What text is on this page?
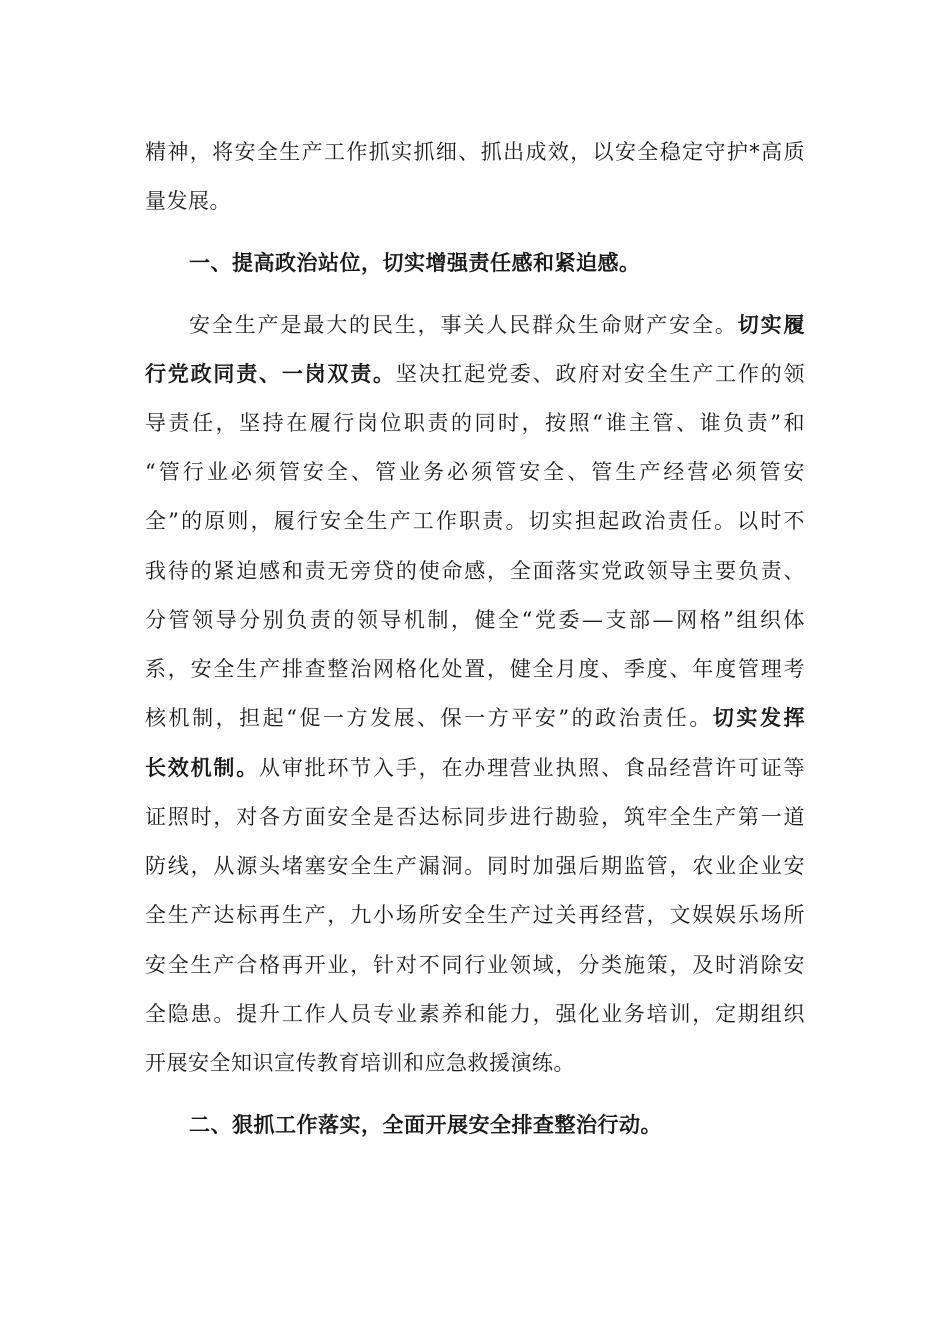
精神，将安全生产工作抓实抓细、抓出成效，以安全稳定守护*高质
量发展。
一、提高政治站位，切实增强责任感和紧迫感。
安全生产是最大的民生，事关人民群众生命财产安全。切实履
行党政同责、一岗双责。坚决扛起党委、政府对安全生产工作的领
导责任，坚持在履行岗位职责的同时，按照“谁主管、谁负责”和
“管行业必须管安全、管业务必须管安全、管生产经营必须管安
全”的原则，履行安全生产工作职责。切实担起政治责任。以时不
我待的紧迫感和责无旁贷的使命感，全面落实党政领导主要负责、
分管领导分别负责的领导机制，健全“党委—支部—网格”组织体
系，安全生产排查整治网格化处置，健全月度、季度、年度管理考
核机制，担起“促一方发展、保一方平安”的政治责任。切实发挥
长效机制。从审批环节入手，在办理营业执照、食品经营许可证等
证照时，对各方面安全是否达标同步进行勘验，筑牢全生产第一道
防线，从源头堵塞安全生产漏洞。同时加强后期监管，农业企业安
全生产达标再生产，九小场所安全生产过关再经营，文娱娱乐场所
安全生产合格再开业，针对不同行业领域，分类施策，及时消除安
全隐患。提升工作人员专业素养和能力，强化业务培训，定期组织
开展安全知识宣传教育培训和应急救援演练。
二、狠抓工作落实，全面开展安全排查整治行动。
